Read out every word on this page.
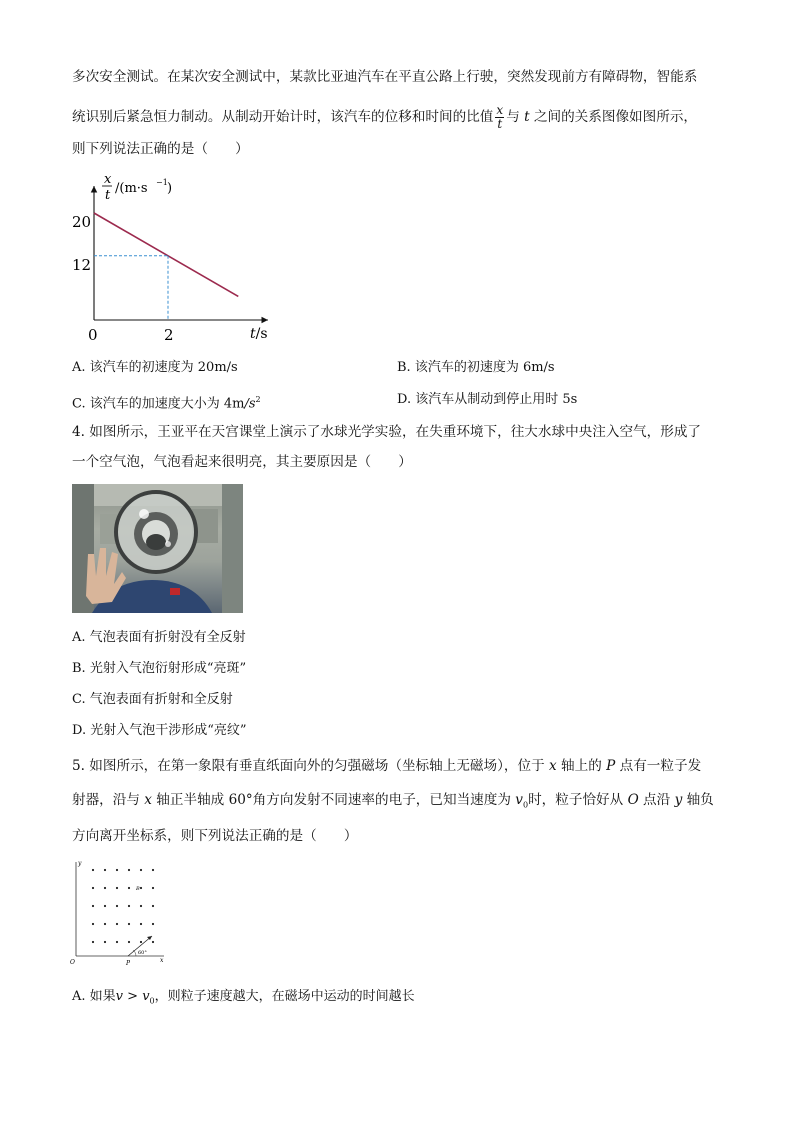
多次安全测试。在某次安全测试中，某款比亚迪汽车在平直公路上行驶，突然发现前方有障碍物，智能系
统识别后紧急恒力制动。从制动开始计时，该汽车的位移和时间的比值 $\frac{x}{t}$ 与 t 之间的关系图像如图所示，
则下列说法正确的是（　　）
x
t /(m·s −1 )
20
12
0	2	t/s
A. 该汽车的初速度为 20m/s	B. 该汽车的初速度为 6m/s
C. 该汽车的加速度大小为 $4m/s^2$	D. 该汽车从制动到停止用时 5s
4. 如图所示，王亚平在天宫课堂上演示了水球光学实验，在失重环境下，往大水球中央注入空气，形成了
一个空气泡，气泡看起来很明亮，其主要原因是（　　）
A. 气泡表面有折射没有全反射
B. 光射入气泡衍射形成“亮斑”
C. 气泡表面有折射和全反射
D. 光射入气泡干涉形成“亮纹”
5. 如图所示，在第一象限有垂直纸面向外的匀强磁场（坐标轴上无磁场），位于 x 轴上的 P 点有一粒子发
射器，沿与 x 轴正半轴成 60°角方向发射不同速率的电子，已知当速度为 $v_0$时，粒子恰好从 O 点沿 y 轴负
方向离开坐标系，则下列说法正确的是（　　）
y
x
O	P
B
60°
A. 如果$v > v_0$，则粒子速度越大，在磁场中运动的时间越长
